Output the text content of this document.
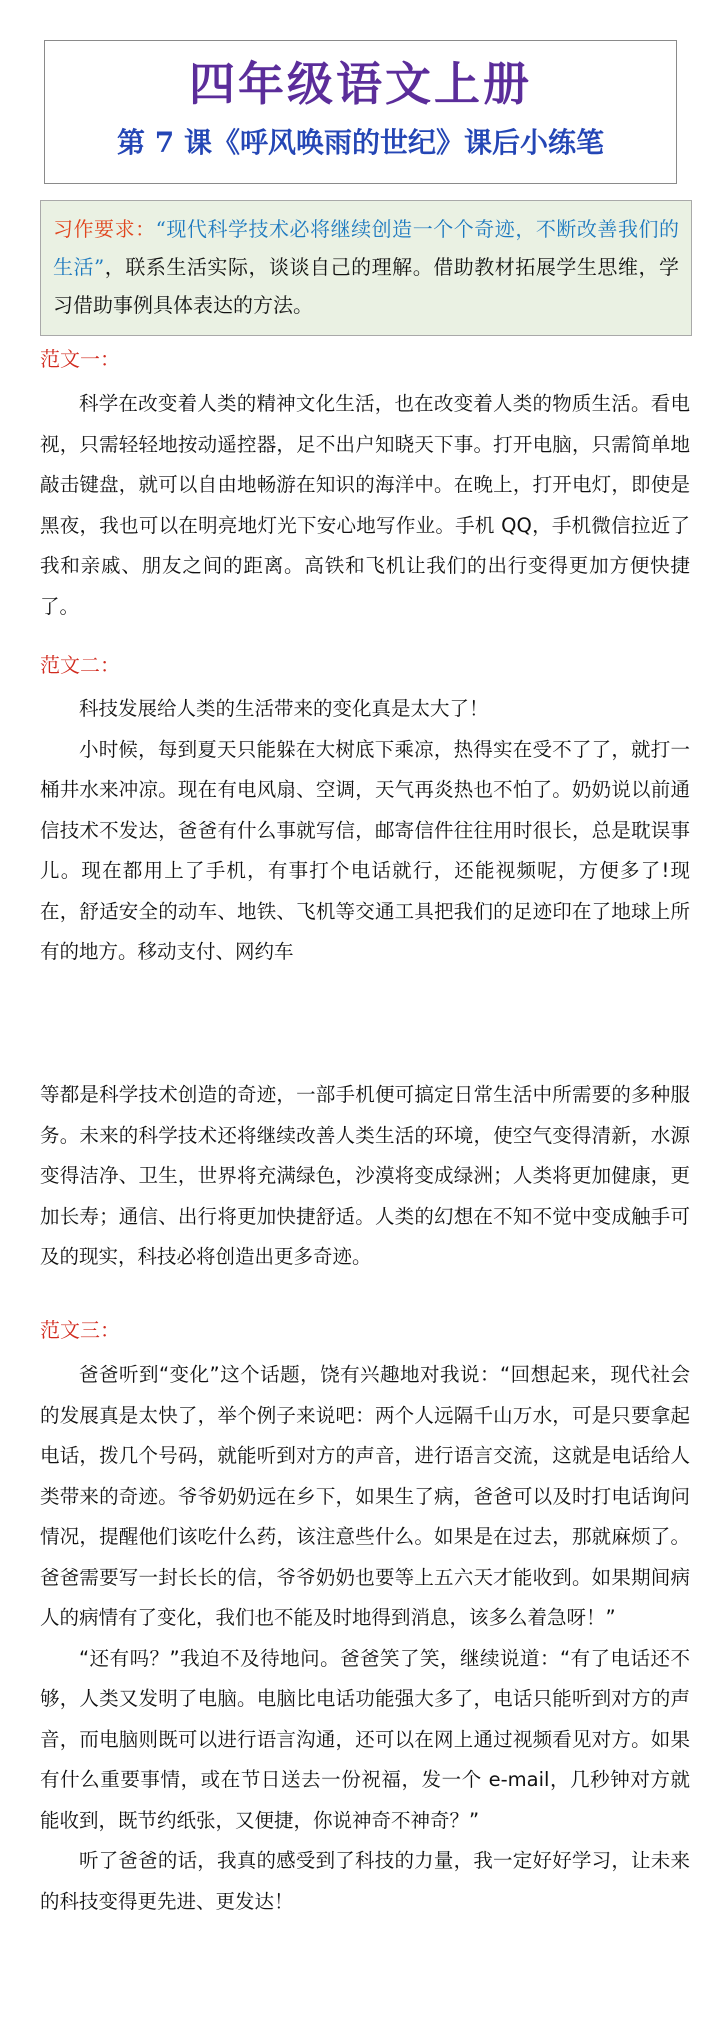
四年级语文上册
第 7 课《呼风唤雨的世纪》课后小练笔
习作要求：“现代科学技术必将继续创造一个个奇迹，不断改善我们的生活”，联系生活实际，谈谈自己的理解。借助教材拓展学生思维，学习借助事例具体表达的方法。
范文一：

科学在改变着人类的精神文化生活，也在改变着人类的物质生活。看电视，只需轻轻地按动遥控器，足不出户知晓天下事。打开电脑，只需简单地敲击键盘，就可以自由地畅游在知识的海洋中。在晚上，打开电灯，即使是黑夜，我也可以在明亮地灯光下安心地写作业。手机 QQ，手机微信拉近了我和亲戚、朋友之间的距离。高铁和飞机让我们的出行变得更加方便快捷了。

范文二：

科技发展给人类的生活带来的变化真是太大了！

小时候，每到夏天只能躲在大树底下乘凉，热得实在受不了了，就打一桶井水来冲凉。现在有电风扇、空调，天气再炎热也不怕了。奶奶说以前通信技术不发达，爸爸有什么事就写信，邮寄信件往往用时很长，总是耽误事儿。现在都用上了手机，有事打个电话就行，还能视频呢，方便多了!现在，舒适安全的动车、地铁、飞机等交通工具把我们的足迹印在了地球上所有的地方。移动支付、网约车

等都是科学技术创造的奇迹，一部手机便可搞定日常生活中所需要的多种服务。未来的科学技术还将继续改善人类生活的环境，使空气变得清新，水源变得洁净、卫生，世界将充满绿色，沙漠将变成绿洲；人类将更加健康，更加长寿；通信、出行将更加快捷舒适。人类的幻想在不知不觉中变成触手可及的现实，科技必将创造出更多奇迹。

范文三：

爸爸听到“变化”这个话题，饶有兴趣地对我说：“回想起来，现代社会的发展真是太快了，举个例子来说吧：两个人远隔千山万水，可是只要拿起电话，拨几个号码，就能听到对方的声音，进行语言交流，这就是电话给人类带来的奇迹。爷爷奶奶远在乡下，如果生了病，爸爸可以及时打电话询问情况，提醒他们该吃什么药，该注意些什么。如果是在过去，那就麻烦了。爸爸需要写一封长长的信，爷爷奶奶也要等上五六天才能收到。如果期间病人的病情有了变化，我们也不能及时地得到消息，该多么着急呀！”

“还有吗？”我迫不及待地问。爸爸笑了笑，继续说道：“有了电话还不够，人类又发明了电脑。电脑比电话功能强大多了，电话只能听到对方的声音，而电脑则既可以进行语言沟通，还可以在网上通过视频看见对方。如果有什么重要事情，或在节日送去一份祝福，发一个 e-mail，几秒钟对方就能收到，既节约纸张，又便捷，你说神奇不神奇？”

听了爸爸的话，我真的感受到了科技的力量，我一定好好学习，让未来的科技变得更先进、更发达！
